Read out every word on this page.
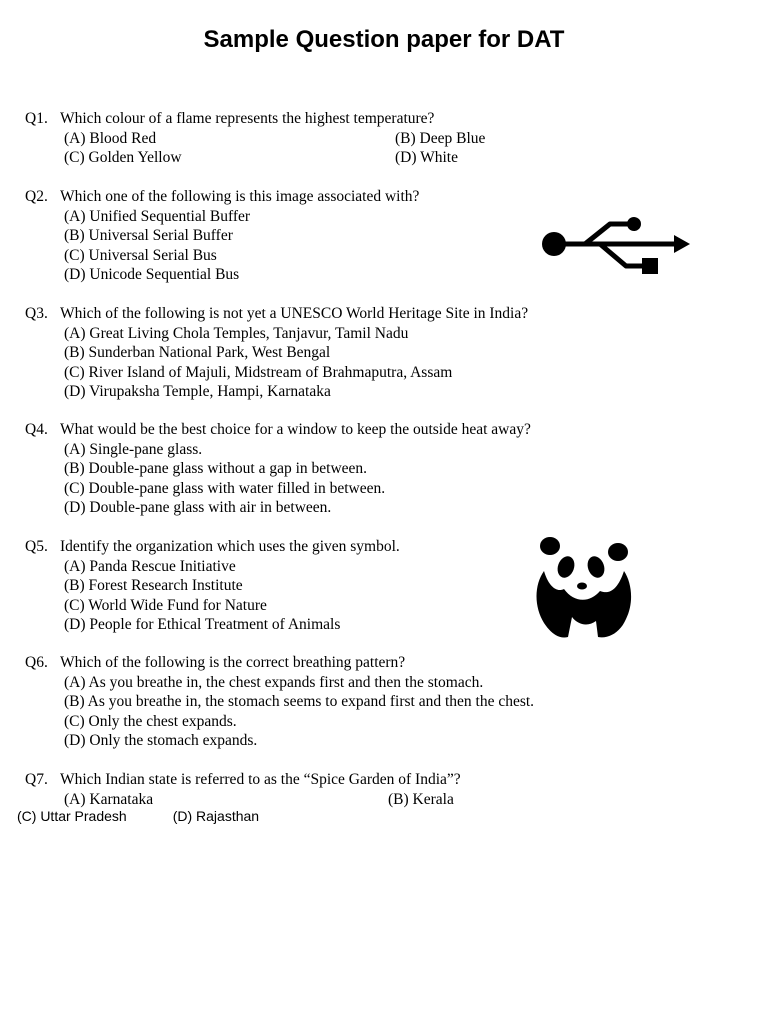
Sample Question paper for DAT
Q1. Which colour of a flame represents the highest temperature?
(A) Blood Red	(B) Deep Blue
(C) Golden Yellow	(D) White
Q2. Which one of the following is this image associated with?
(A) Unified Sequential Buffer
(B) Universal Serial Buffer
(C) Universal Serial Bus
(D) Unicode Sequential Bus
Q3. Which of the following is not yet a UNESCO World Heritage Site in India?
(A) Great Living Chola Temples, Tanjavur, Tamil Nadu
(B) Sunderban National Park, West Bengal
(C) River Island of Majuli, Midstream of Brahmaputra, Assam
(D) Virupaksha Temple, Hampi, Karnataka
Q4. What would be the best choice for a window to keep the outside heat away?
(A) Single-pane glass.
(B) Double-pane glass without a gap in between.
(C) Double-pane glass with water filled in between.
(D) Double-pane glass with air in between.
Q5. Identify the organization which uses the given symbol.
(A) Panda Rescue Initiative
(B) Forest Research Institute
(C) World Wide Fund for Nature
(D) People for Ethical Treatment of Animals
Q6. Which of the following is the correct breathing pattern?
(A) As you breathe in, the chest expands first and then the stomach.
(B) As you breathe in, the stomach seems to expand first and then the chest.
(C) Only the chest expands.
(D) Only the stomach expands.
Q7. Which Indian state is referred to as the “Spice Garden of India”?
(A) Karnataka	(B) Kerala
(C) Uttar Pradesh	(D) Rajasthan
